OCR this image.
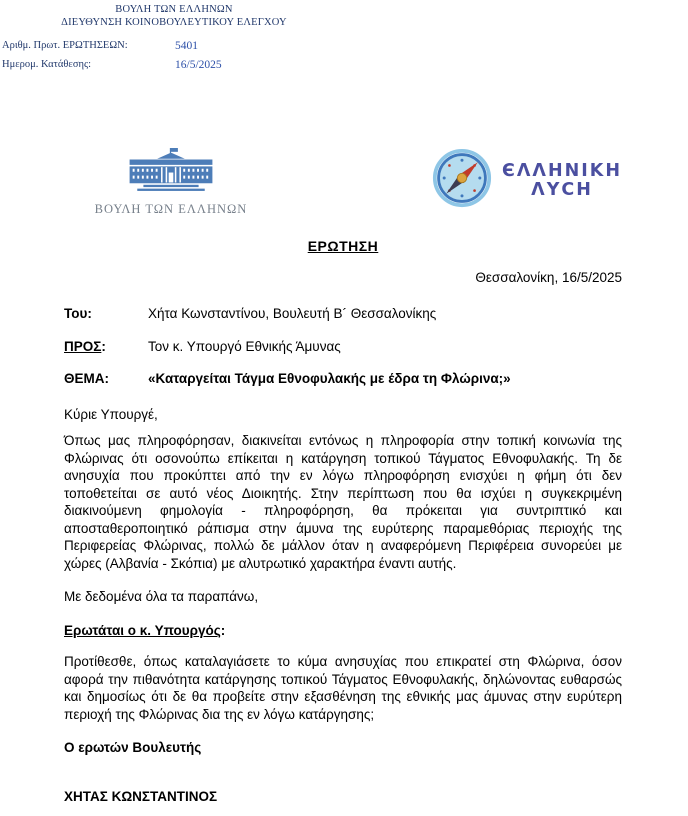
ΒΟΥΛΗ ΤΩΝ ΕΛΛΗΝΩΝ
ΔΙΕΥΘΥΝΣΗ ΚΟΙΝΟΒΟΥΛΕΥΤΙΚΟΥ ΕΛΕΓΧΟΥ
Αριθμ. Πρωτ. ΕΡΩΤΗΣΕΩΝ:	5401
Ημερομ. Κατάθεσης:	16/5/2025
ΒΟΥΛΗ ΤΩΝ ΕΛΛΗΝΩΝ
ЄΛΛΗΝΙΚΗ
ΛΥϹΗ
ΕΡΩΤΗΣΗ
Θεσσαλονίκη, 16/5/2025
Του:	Χήτα Κωνσταντίνου, Βουλευτή Β´ Θεσσαλονίκης
ΠΡΟΣ:	Τον κ. Υπουργό Εθνικής Άμυνας
ΘΕΜΑ:	«Καταργείται Τάγμα Εθνοφυλακής με έδρα τη Φλώρινα;»

Κύριε Υπουργέ,

Όπως μας πληροφόρησαν, διακινείται εντόνως η πληροφορία στην τοπική κοινωνία της Φλώρινας ότι οσονούπω επίκειται η κατάργηση τοπικού Τάγματος Εθνοφυλακής. Τη δε ανησυχία που προκύπτει από την εν λόγω πληροφόρηση ενισχύει η φήμη ότι δεν τοποθετείται σε αυτό νέος Διοικητής. Στην περίπτωση που θα ισχύει η συγκεκριμένη διακινούμενη φημολογία - πληροφόρηση, θα πρόκειται για συντριπτικό και αποσταθεροποιητικό ράπισμα στην άμυνα της ευρύτερης παραμεθόριας περιοχής της Περιφερείας Φλώρινας, πολλώ δε μάλλον όταν η αναφερόμενη Περιφέρεια συνορεύει με χώρες (Αλβανία - Σκόπια) με αλυτρωτικό χαρακτήρα έναντι αυτής.

Με δεδομένα όλα τα παραπάνω,

Ερωτάται ο κ. Υπουργός:

Προτίθεσθε, όπως καταλαγιάσετε το κύμα ανησυχίας που επικρατεί στη Φλώρινα, όσον αφορά την πιθανότητα κατάργησης τοπικού Τάγματος Εθνοφυλακής, δηλώνοντας ευθαρσώς και δημοσίως ότι δε θα προβείτε στην εξασθένηση της εθνικής μας άμυνας στην ευρύτερη περιοχή της Φλώρινας δια της εν λόγω κατάργησης;

Ο ερωτών Βουλευτής
ΧΗΤΑΣ ΚΩΝΣΤΑΝΤΙΝΟΣ
